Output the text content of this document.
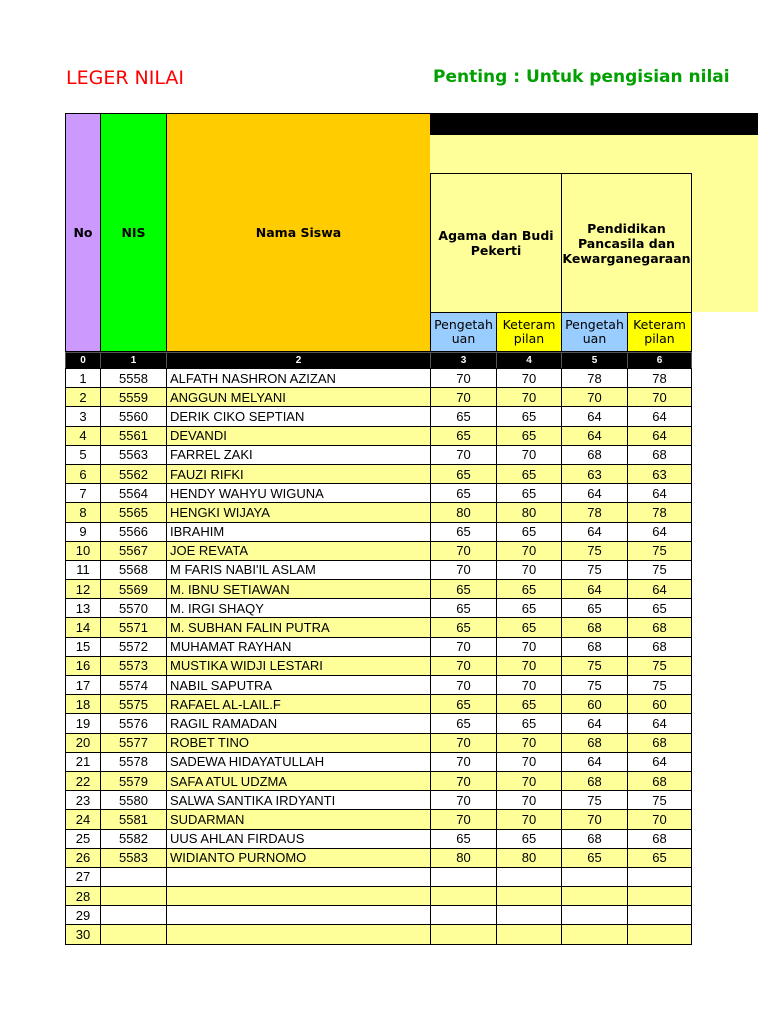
LEGER NILAI	Penting : Untuk pengisian nilai
No	NIS	Nama Siswa	Agama dan Budi Pekerti
Pendidikan Pancasila dan Kewarganegaraan
Pengetah uan
Keteram pilan
Pengetah uan
Keteram pilan
0	1	2	3	4	5	6
1	5558	ALFATH NASHRON AZIZAN	70	70	78	78
2	5559	ANGGUN MELYANI	70	70	70	70
3	5560	DERIK CIKO SEPTIAN	65	65	64	64
4	5561	DEVANDI	65	65	64	64
5	5563	FARREL ZAKI	70	70	68	68
6	5562	FAUZI RIFKI	65	65	63	63
7	5564	HENDY WAHYU WIGUNA	65	65	64	64
8	5565	HENGKI WIJAYA	80	80	78	78
9	5566	IBRAHIM	65	65	64	64
10	5567	JOE REVATA	70	70	75	75
11	5568	M FARIS NABI'IL ASLAM	70	70	75	75
12	5569	M. IBNU SETIAWAN	65	65	64	64
13	5570	M. IRGI SHAQY	65	65	65	65
14	5571	M. SUBHAN FALIN PUTRA	65	65	68	68
15	5572	MUHAMAT RAYHAN	70	70	68	68
16	5573	MUSTIKA WIDJI LESTARI	70	70	75	75
17	5574	NABIL SAPUTRA	70	70	75	75
18	5575	RAFAEL AL-LAIL.F	65	65	60	60
19	5576	RAGIL RAMADAN	65	65	64	64
20	5577	ROBET TINO	70	70	68	68
21	5578	SADEWA HIDAYATULLAH	70	70	64	64
22	5579	SAFA ATUL UDZMA	70	70	68	68
23	5580	SALWA SANTIKA IRDYANTI	70	70	75	75
24	5581	SUDARMAN	70	70	70	70
25	5582	UUS AHLAN FIRDAUS	65	65	68	68
26	5583	WIDIANTO PURNOMO	80	80	65	65
27						
28						
29						
30						
